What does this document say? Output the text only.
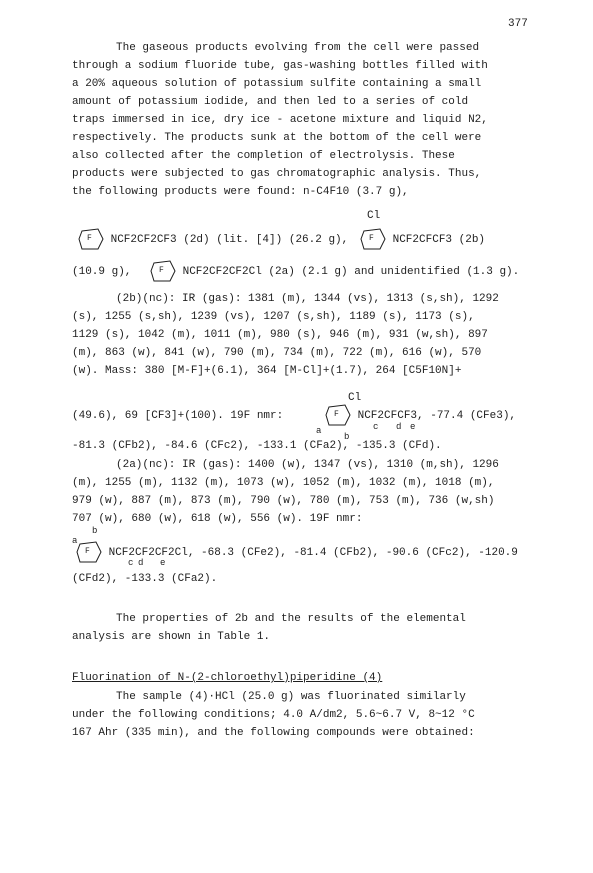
377
The gaseous products evolving from the cell were passed
through a sodium fluoride tube, gas-washing bottles filled with
a 20% aqueous solution of potassium sulfite containing a small
amount of potassium iodide, and then led to a series of cold
traps immersed in ice, dry ice - acetone mixture and liquid N2,
respectively. The products sunk at the bottom of the cell were
also collected after the completion of electrolysis. These
products were subjected to gas chromatographic analysis. Thus,
the following products were found: n-C4F10 (3.7 g),
F NCF2CF2CF3 (2d) (lit. [4]) (26.2 g),
Cl
F NCF2CFCF3 (2b)
(10.9 g),	F NCF2CF2CF2Cl (2a) (2.1 g) and unidentified (1.3 g).
(2b)(nc): IR (gas): 1381 (m), 1344 (vs), 1313 (s,sh), 1292
(s), 1255 (s,sh), 1239 (vs), 1207 (s,sh), 1189 (s), 1173 (s),
1129 (s), 1042 (m), 1011 (m), 980 (s), 946 (m), 931 (w,sh), 897
(m), 863 (w), 841 (w), 790 (m), 734 (m), 722 (m), 616 (w), 570
(w). Mass: 380 [M-F]+(6.1), 364 [M-Cl]+(1.7), 264 [C5F10N]+
(49.6), 69 [CF3]+(100). 19F nmr:
Cl
F NCF2CFCF3, -77.4 (CFe3),
a
b
c d e
-81.3 (CFb2), -84.6 (CFc2), -133.1 (CFa2), -135.3 (CFd).
(2a)(nc): IR (gas): 1400 (w), 1347 (vs), 1310 (m,sh), 1296
(m), 1255 (m), 1132 (m), 1073 (w), 1052 (m), 1032 (m), 1018 (m),
979 (w), 887 (m), 873 (m), 790 (w), 780 (m), 753 (m), 736 (w,sh)
707 (w), 680 (w), 618 (w), 556 (w). 19F nmr:
b
a
F NCF2CF2CF2Cl, -68.3 (CFe2), -81.4 (CFb2), -90.6 (CFc2), -120.9
c d e
(CFd2), -133.3 (CFa2).
The properties of 2b and the results of the elemental
analysis are shown in Table 1.
Fluorination of N-(2-chloroethyl)piperidine (4)
The sample (4)·HCl (25.0 g) was fluorinated similarly
under the following conditions; 4.0 A/dm2, 5.6~6.7 V, 8~12 °C
167 Ahr (335 min), and the following compounds were obtained:
